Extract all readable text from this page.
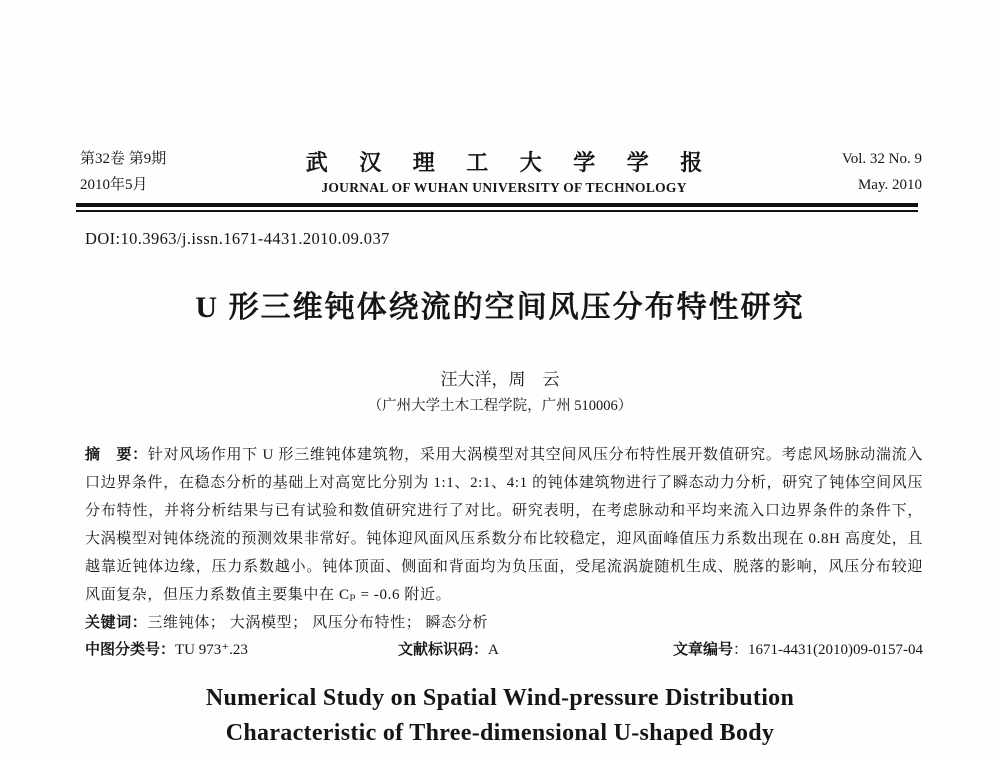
第32卷 第9期
2010年5月
武 汉 理 工 大 学 学 报
JOURNAL OF WUHAN UNIVERSITY OF TECHNOLOGY
Vol. 32 No. 9
May. 2010
DOI:10.3963/j.issn.1671-4431.2010.09.037
U 形三维钝体绕流的空间风压分布特性研究
汪大洋，周　云
（广州大学土木工程学院，广州 510006）

摘　要：针对风场作用下 U 形三维钝体建筑物，采用大涡模型对其空间风压分布特性展开数值研究。考虑风场脉动湍流入口边界条件，在稳态分析的基础上对高宽比分别为 1:1、2:1、4:1 的钝体建筑物进行了瞬态动力分析，研究了钝体空间风压分布特性，并将分析结果与已有试验和数值研究进行了对比。研究表明，在考虑脉动和平均来流入口边界条件的条件下，大涡模型对钝体绕流的预测效果非常好。钝体迎风面风压系数分布比较稳定，迎风面峰值压力系数出现在 0.8H 高度处，且越靠近钝体边缘，压力系数越小。钝体顶面、侧面和背面均为负压面，受尾流涡旋随机生成、脱落的影响，风压分布较迎风面复杂，但压力系数值主要集中在 Cₚ = -0.6 附近。

关键词：三维钝体； 大涡模型； 风压分布特性； 瞬态分析

中图分类号：TU 973⁺.23	文献标识码：A	文章编号：1671-4431(2010)09-0157-04
Numerical Study on Spatial Wind-pressure Distribution
Characteristic of Three-dimensional U-shaped Body
